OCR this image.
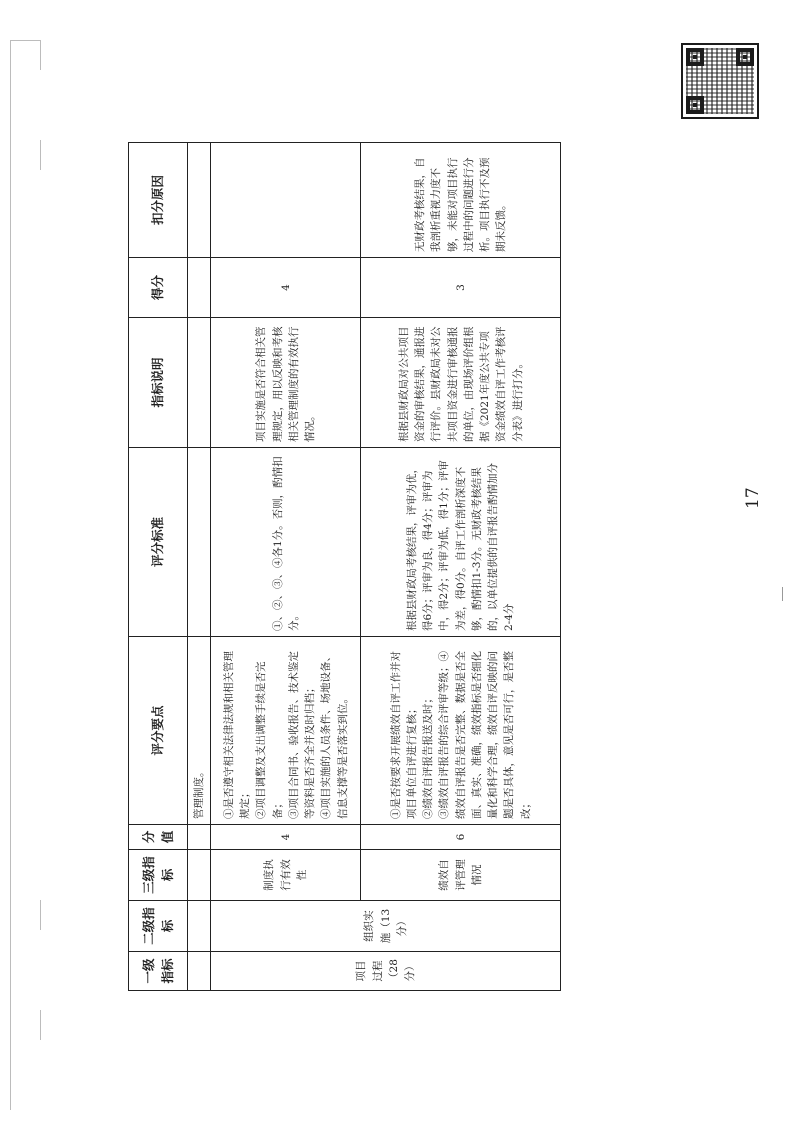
一级指标	二级指标	三级指标	分值	评分要点	评分标准	指标说明	得分	扣分原因
				管理制度。				
项目过程（28分）	组织实施（13分）	制度执行有效性	4	①是否遵守相关法律法规和相关管理规定；
②项目调整及支出调整手续是否完备；
③项目合同书、验收报告、技术鉴定等资料是否齐全并及时归档；
④项目实施的人员条件、场地设备、信息支撑等是否落实到位。	①、②、③、④各1分。否则，酌情扣分。	项目实施是否符合相关管理规定，用以反映和考核相关管理制度的有效执行情况。	4	
		绩效自评管理情况	6	①是否按要求开展绩效自评工作并对项目单位自评进行复核；
②绩效自评报告报送及时；
③绩效自评报告的综合评审等级；④绩效自评报告是否完整、数据是否全面、真实、准确，绩效指标是否细化量化和科学合理，绩效自评反映的问题是否具体，意见是否可行，是否整改；	根据县财政局考核结果，评审为优，得6分；评审为良，得4分；评审为中，得2分；评审为低，得1分；评审为差，得0分。自评工作剖析深度不够，酌情扣1-3分。无财政考核结果的，以单位提供的自评报告酌情加分2-4分	根据县财政局对公共项目资金的审核结果，通报进行评价。县财政局未对公共项目资金进行审核通报的单位，由现场评价组根据《2021年度公共专项资金绩效自评工作考核评分表》进行打分。	3	无财政考核结果，自我剖析重视力度不够，未能对项目执行过程中的问题进行分析。项目执行不及预期未反馈。
17
